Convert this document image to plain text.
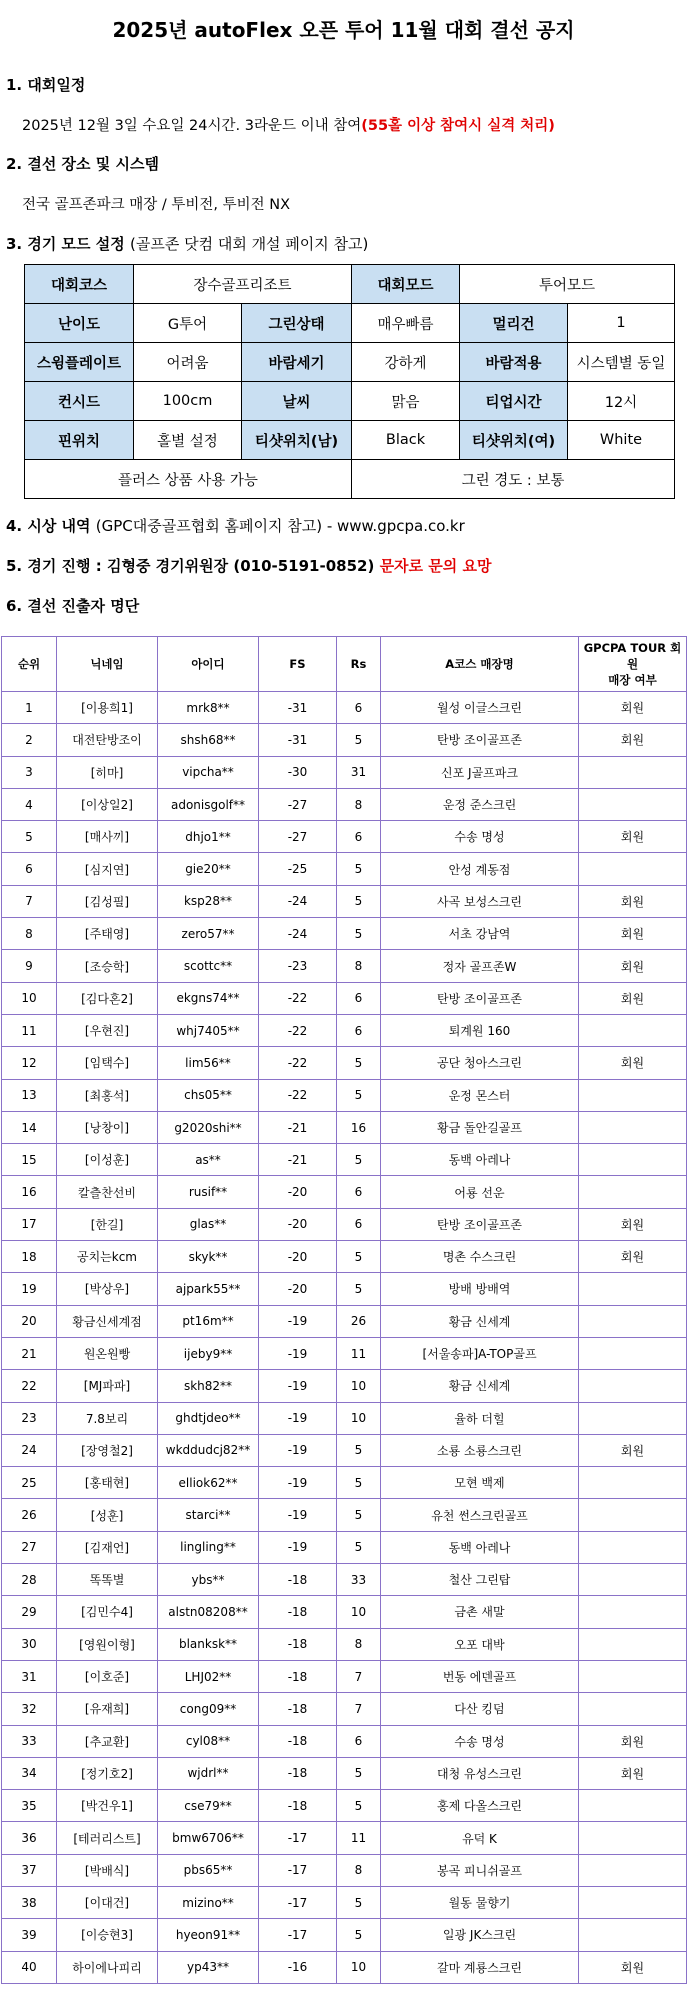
2025년 autoFlex 오픈 투어 11월 대회 결선 공지
1. 대회일정
2025년 12월 3일 수요일 24시간. 3라운드 이내 참여(55홀 이상 참여시 실격 처리)
2. 결선 장소 및 시스템
전국 골프존파크 매장 / 투비전, 투비전 NX
3. 경기 모드 설정 (골프존 닷컴 대회 개설 페이지 참고)
대회코스	장수골프리조트		대회모드	투어모드	
난이도	G투어	그린상태	매우빠름	멀리건	1
스윙플레이트	어려움	바람세기	강하게	바람적용	시스템별 동일
컨시드	100cm	날씨	맑음	티업시간	12시
핀위치	홀별 설정	티샷위치(남)	Black	티샷위치(여)	White
플러스 상품 사용 가능			그린 경도 : 보통		
4. 시상 내역 (GPC대중골프협회 홈페이지 참고) - www.gpcpa.co.kr
5. 경기 진행 : 김형중 경기위원장 (010-5191-0852) 문자로 문의 요망
6. 결선 진출자 명단
순위	닉네임	아이디	FS	Rs	A코스 매장명	GPCPA TOUR 회원
매장 여부
1	[이용희1]	mrk8**	-31	6	월성 이글스크린	회원
2	대전탄방조이	shsh68**	-31	5	탄방 조이골프존	회원
3	[히마]	vipcha**	-30	31	신포 J골프파크	
4	[이상일2]	adonisgolf**	-27	8	운정 준스크린	
5	[매사끼]	dhjo1**	-27	6	수송 명성	회원
6	[심지연]	gie20**	-25	5	안성 계동점	
7	[김성필]	ksp28**	-24	5	사곡 보성스크린	회원
8	[주태영]	zero57**	-24	5	서초 강남역	회원
9	[조승학]	scottc**	-23	8	정자 골프존W	회원
10	[김다혼2]	ekgns74**	-22	6	탄방 조이골프존	회원
11	[우현진]	whj7405**	-22	6	퇴계원 160	
12	[임택수]	lim56**	-22	5	공단 청아스크린	회원
13	[최홍석]	chs05**	-22	5	운정 몬스터	
14	[낭창이]	g2020shi**	-21	16	황금 돌안길골프	
15	[이성훈]	as**	-21	5	동백 아레나	
16	칼츨찬선비	rusif**	-20	6	어룡 선운	
17	[한길]	glas**	-20	6	탄방 조이골프존	회원
18	공치는kcm	skyk**	-20	5	명촌 수스크린	회원
19	[박상우]	ajpark55**	-20	5	방배 방배역	
20	황금신세계점	pt16m**	-19	26	황금 신세계	
21	원온원빵	ijeby9**	-19	11	[서울송파]A-TOP골프	
22	[MJ파파]	skh82**	-19	10	황금 신세계	
23	7.8보리	ghdtjdeo**	-19	10	율하 더힐	
24	[장영철2]	wkddudcj82**	-19	5	소룡 소룡스크린	회원
25	[홍태현]	elliok62**	-19	5	모현 백제	
26	[성훈]	starci**	-19	5	유천 썬스크린골프	
27	[김재언]	lingling**	-19	5	동백 아레나	
28	똑똑별	ybs**	-18	33	철산 그린탑	
29	[김민수4]	alstn08208**	-18	10	금촌 새말	
30	[영원이형]	blanksk**	-18	8	오포 대박	
31	[이호준]	LHJ02**	-18	7	번동 에덴골프	
32	[유재희]	cong09**	-18	7	다산 킹덤	
33	[추교환]	cyl08**	-18	6	수송 명성	회원
34	[정기호2]	wjdrl**	-18	5	대청 유성스크린	회원
35	[박건우1]	cse79**	-18	5	홍제 다올스크린	
36	[테러리스트]	bmw6706**	-17	11	유덕 K	
37	[박배식]	pbs65**	-17	8	봉곡 피니쉬골프	
38	[이대건]	mizino**	-17	5	월동 물향기	
39	[이승현3]	hyeon91**	-17	5	일광 JK스크린	
40	하이에나피리	yp43**	-16	10	갈마 계룡스크린	회원
